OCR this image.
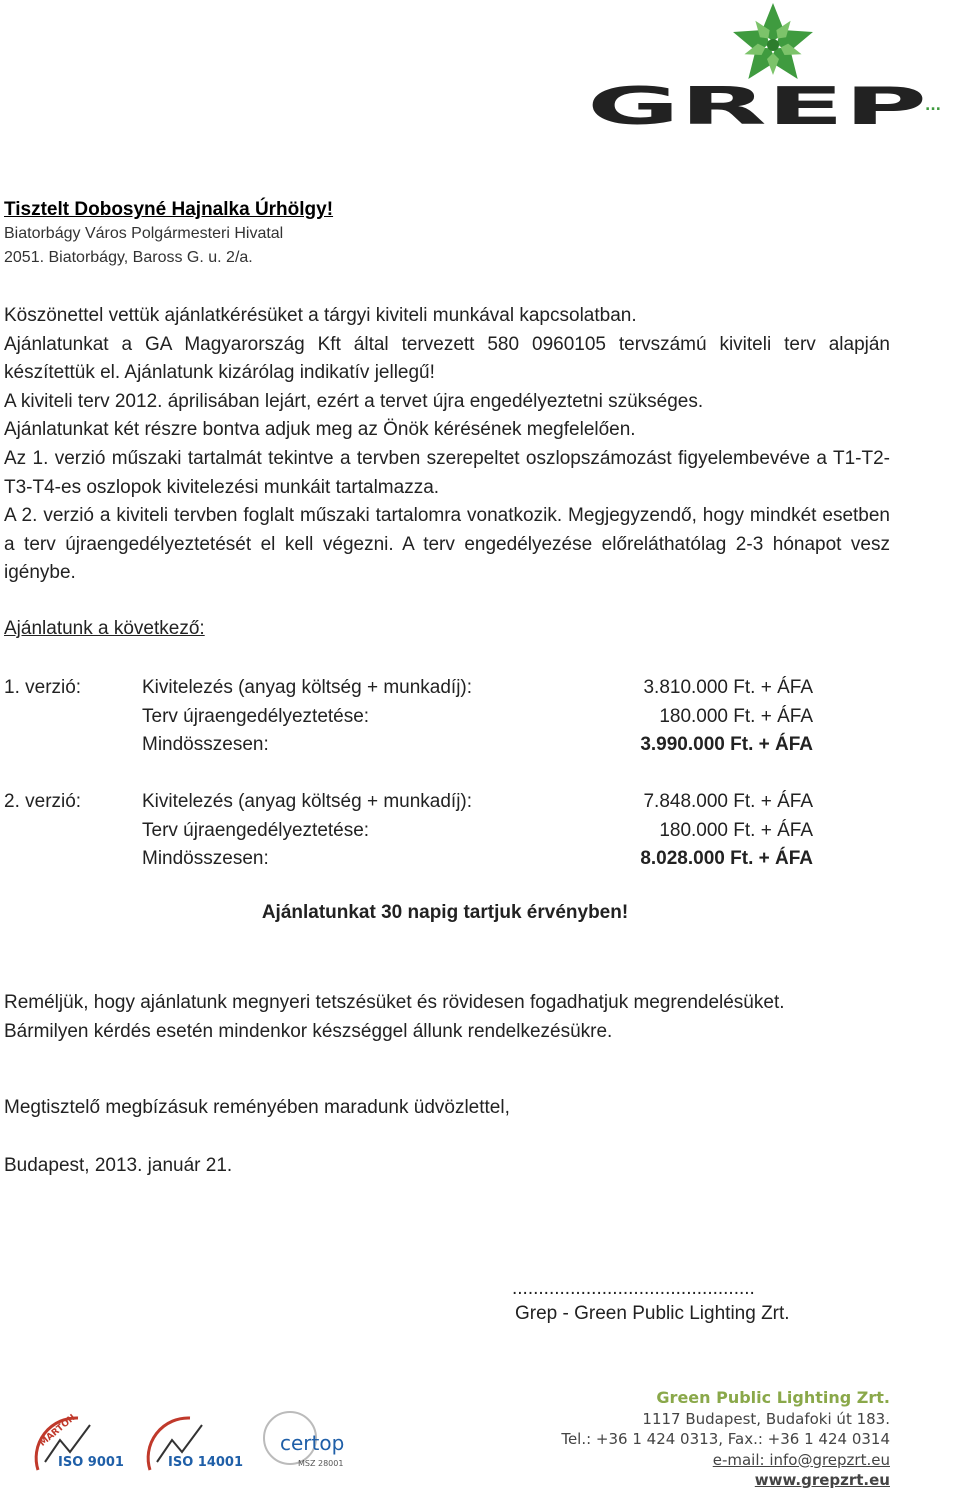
GREP
...
Tisztelt Dobosyné Hajnalka Úrhölgy!
Biatorbágy Város Polgármesteri Hivatal
2051. Biatorbágy, Baross G. u. 2/a.

Köszönettel vettük ajánlatkérésüket a tárgyi kiviteli munkával kapcsolatban.

Ajánlatunkat a GA Magyarország Kft által tervezett 580 0960105 tervszámú kiviteli terv alapján készítettük el. Ajánlatunk kizárólag indikatív jellegű!

A kiviteli terv 2012. áprilisában lejárt, ezért a tervet újra engedélyeztetni szükséges.

Ajánlatunkat két részre bontva adjuk meg az Önök kérésének megfelelően.

Az 1. verzió műszaki tartalmát tekintve a tervben szerepeltet oszlopszámozást figyelembevéve a T1-T2-T3-T4-es oszlopok kivitelezési munkáit tartalmazza.

A 2. verzió a kiviteli tervben foglalt műszaki tartalomra vonatkozik. Megjegyzendő, hogy mindkét esetben a terv újraengedélyeztetését el kell végezni. A terv engedélyezése előreláthatólag 2-3 hónapot vesz igénybe.

Ajánlatunk a következő:
1. verzió:	Kivitelezés (anyag költség + munkadíj):	3.810.000 Ft. + ÁFA
Terv újraengedélyeztetése:	180.000 Ft. + ÁFA
Mindösszesen:	3.990.000 Ft. + ÁFA
2. verzió:	Kivitelezés (anyag költség + munkadíj):	7.848.000 Ft. + ÁFA
Terv újraengedélyeztetése:	180.000 Ft. + ÁFA
Mindösszesen:	8.028.000 Ft. + ÁFA
Ajánlatunkat 30 napig tartjuk érvényben!
Reméljük, hogy ajánlatunk megnyeri tetszésüket és rövidesen fogadhatjuk megrendelésüket.
Bármilyen kérdés esetén mindenkor készséggel állunk rendelkezésükre.
Megtisztelő megbízásuk reményében maradunk üdvözlettel,
Budapest, 2013. január 21.
..............................................
Grep - Green Public Lighting Zrt.
MARTON
ISO 9001	ISO 14001
certop
MSZ 28001
Green Public Lighting Zrt.
1117 Budapest, Budafoki út 183.
Tel.: +36 1 424 0313, Fax.: +36 1 424 0314
e-mail: info@grepzrt.eu
www.grepzrt.eu
